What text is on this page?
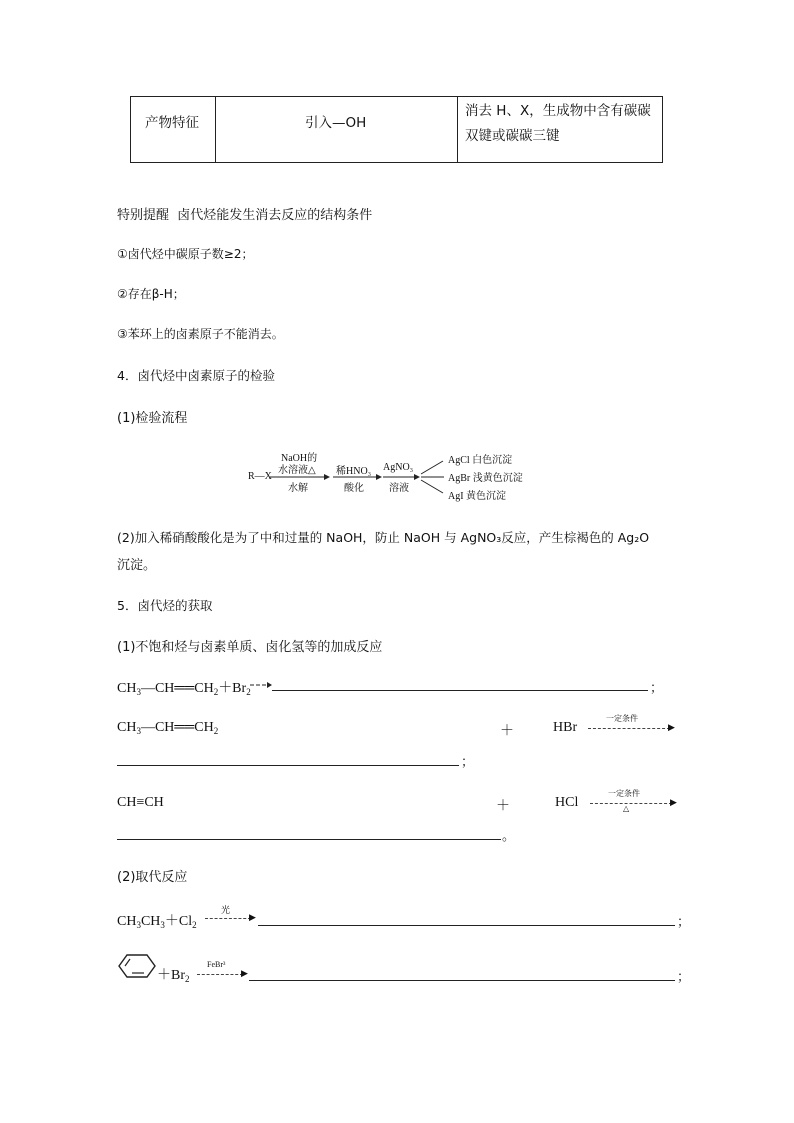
产物特征	引入—OH
消去 H、X，生成物中含有碳碳
双键或碳碳三键
特别提醒 卤代烃能发生消去反应的结构条件
①卤代烃中碳原子数≥2；
②存在β-H；
③苯环上的卤素原子不能消去。
4．卤代烃中卤素原子的检验
(1)检验流程
R—X
NaOH的
水溶液△
水解
稀HNO₃
酸化
AgNO₃
溶液
AgCl 白色沉淀
AgBr 浅黄色沉淀
AgI 黄色沉淀
(2)加入稀硝酸酸化是为了中和过量的 NaOH，防止 NaOH 与 AgNO₃反应，产生棕褐色的 Ag₂O
沉淀。
5．卤代烃的获取
(1)不饱和烃与卤素单质、卤化氢等的加成反应
$CH_3—CH══CH_2+Br_2$	；
$CH_3—CH══CH_2$	＋	HBr	▶
一定条件
；
CH≡CH	＋	HCl	▶
一定条件
△
。
(2)取代反应
$CH_3CH_3+Cl_2$
▶
光
；
$+Br_2$	▶
FeBr³
；
